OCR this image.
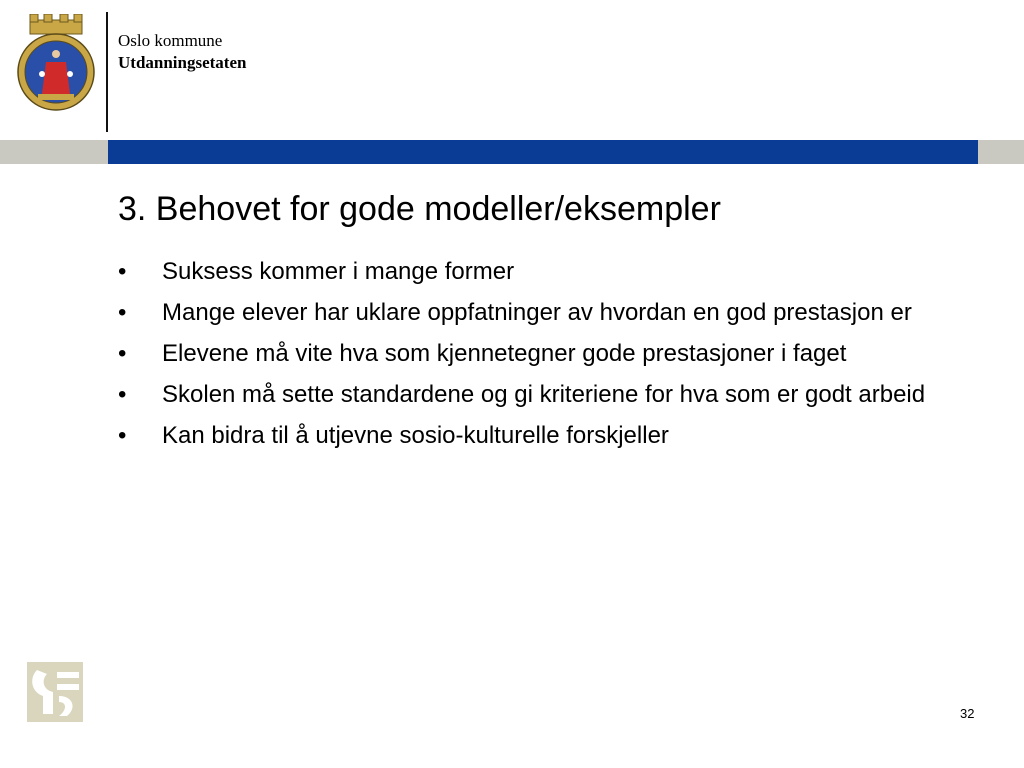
Oslo kommune
Utdanningsetaten
3. Behovet for gode modeller/eksempler
• Suksess kommer i mange former
• Mange elever har uklare oppfatninger av hvordan en god prestasjon er
• Elevene må vite hva som kjennetegner gode prestasjoner i faget
• Skolen må sette standardene og gi kriteriene for hva som er godt arbeid
• Kan bidra til å utjevne sosio-kulturelle forskjeller
32
